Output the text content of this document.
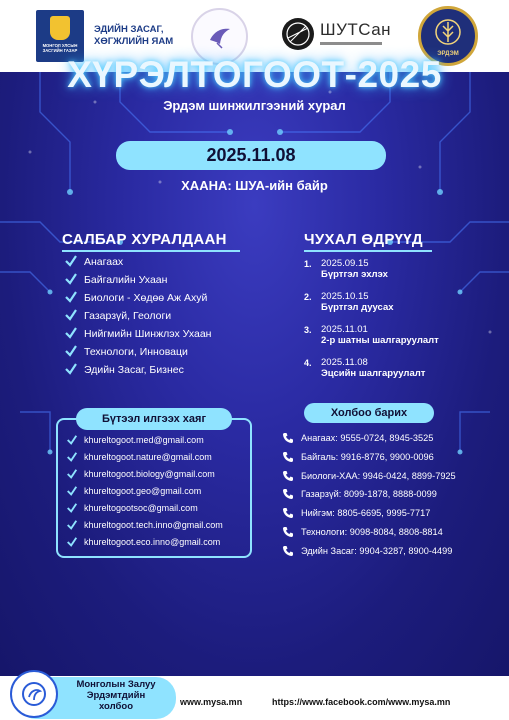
МОНГОЛ УЛСЫН ЗАСГИЙН ГАЗАР
ЭДИЙН ЗАСАГ,
ХӨГЖЛИЙН ЯАМ
ШУТСан
ЭРДЭМ
ХҮРЭЛТОГООТ-2025
Эрдэм шинжилгээний хурал
2025.11.08
ХААНА: ШУА-ийн байр
САЛБАР ХУРАЛДААН
Анагаах
Байгалийн Ухаан
Биологи - Хөдөө Аж Ахуй
Газарзүй, Геологи
Нийгмийн Шинжлэх Ухаан
Технологи, Инноваци
Эдийн Засаг, Бизнес
ЧУХАЛ ӨДРҮҮД
1. 2025.09.15
Бүртгэл эхлэх
2. 2025.10.15
Бүртгэл дуусах
3. 2025.11.01
2-р шатны шалгаруулалт
4. 2025.11.08
Эцсийн шалгаруулалт
Бүтээл илгээх хаяг
khureltogoot.med@gmail.com
khureltogoot.nature@gmail.com
khureltogoot.biology@gmail.com
khureltogoot.geo@gmail.com
khureltogootsoc@gmail.com
khureltogoot.tech.inno@gmail.com
khureltogoot.eco.inno@gmail.com
Холбоо барих
Анагаах: 9555-0724, 8945-3525
Байгаль: 9916-8776, 9900-0096
Биологи-ХАА: 9946-0424, 8899-7925
Газарзүй: 8099-1878, 8888-0099
Нийгэм: 8805-6695, 9995-7717
Технологи: 9098-8084, 8808-8814
Эдийн Засаг: 9904-3287, 8900-4499
Монголын Залуу
Эрдэмтдийн
холбоо	www.mysa.mn	https://www.facebook.com/www.mysa.mn
